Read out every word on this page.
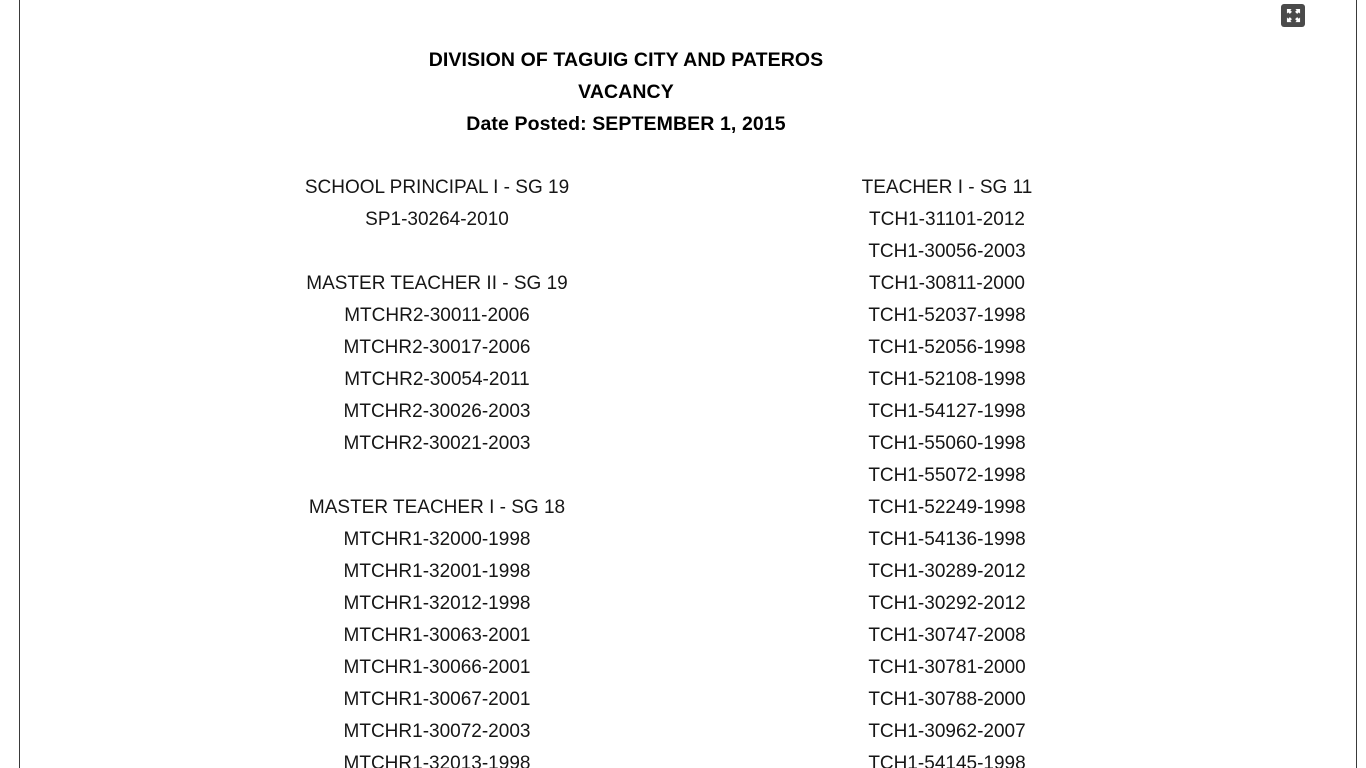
DIVISION OF TAGUIG CITY AND PATEROS
VACANCY
Date Posted: SEPTEMBER 1, 2015
SCHOOL PRINCIPAL I - SG 19
SP1-30264-2010

MASTER TEACHER II - SG 19
MTCHR2-30011-2006
MTCHR2-30017-2006
MTCHR2-30054-2011
MTCHR2-30026-2003
MTCHR2-30021-2003

MASTER TEACHER I - SG 18
MTCHR1-32000-1998
MTCHR1-32001-1998
MTCHR1-32012-1998
MTCHR1-30063-2001
MTCHR1-30066-2001
MTCHR1-30067-2001
MTCHR1-30072-2003
MTCHR1-32013-1998
TEACHER I - SG 11
TCH1-31101-2012
TCH1-30056-2003
TCH1-30811-2000
TCH1-52037-1998
TCH1-52056-1998
TCH1-52108-1998
TCH1-54127-1998
TCH1-55060-1998
TCH1-55072-1998
TCH1-52249-1998
TCH1-54136-1998
TCH1-30289-2012
TCH1-30292-2012
TCH1-30747-2008
TCH1-30781-2000
TCH1-30788-2000
TCH1-30962-2007
TCH1-54145-1998
